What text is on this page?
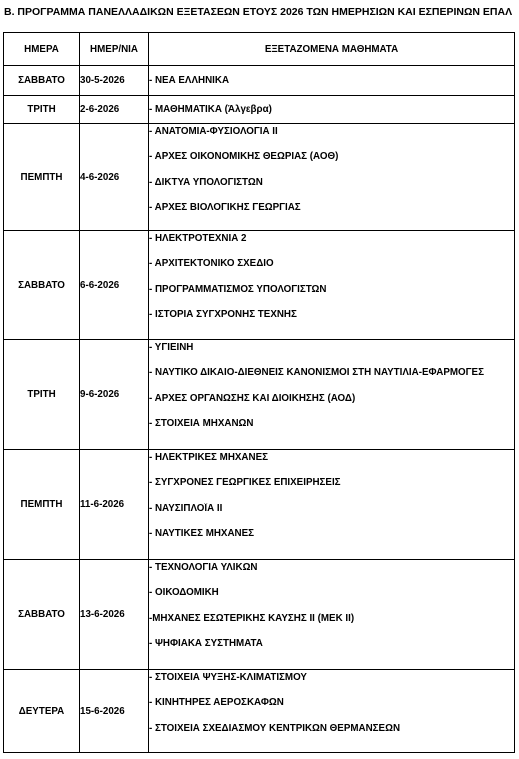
Β. ΠΡΟΓΡΑΜΜΑ ΠΑΝΕΛΛΑΔΙΚΩΝ ΕΞΕΤΑΣΕΩΝ ΕΤΟΥΣ 2026 ΤΩΝ ΗΜΕΡΗΣΙΩΝ ΚΑΙ ΕΣΠΕΡΙΝΩΝ ΕΠΑΛ
ΗΜΕΡΑ	ΗΜΕΡ/ΝΙΑ	ΕΞΕΤΑΖΟΜΕΝΑ ΜΑΘΗΜΑΤΑ
ΣΑΒΒΑΤΟ	30-5-2026	- ΝΕΑ ΕΛΛΗΝΙΚΑ

ΤΡΙΤΗ	2-6-2026	- ΜΑΘΗΜΑΤΙΚΑ (Άλγεβρα)

ΠΕΜΠΤΗ	4-6-2026	- ΑΝΑΤΟΜΙΑ-ΦΥΣΙΟΛΟΓΙΑ ΙΙ
- ΑΡΧΕΣ ΟΙΚΟΝΟΜΙΚΗΣ ΘΕΩΡΙΑΣ (ΑΟΘ)
- ΔΙΚΤΥΑ ΥΠΟΛΟΓΙΣΤΩΝ
- ΑΡΧΕΣ ΒΙΟΛΟΓΙΚΗΣ ΓΕΩΡΓΙΑΣ

ΣΑΒΒΑΤΟ	6-6-2026	- ΗΛΕΚΤΡΟΤΕΧΝΙΑ 2
- ΑΡΧΙΤΕΚΤΟΝΙΚΟ ΣΧΕΔΙΟ
- ΠΡΟΓΡΑΜΜΑΤΙΣΜΟΣ ΥΠΟΛΟΓΙΣΤΩΝ
- ΙΣΤΟΡΙΑ ΣΥΓΧΡΟΝΗΣ ΤΕΧΝΗΣ

ΤΡΙΤΗ	9-6-2026	- ΥΓΙΕΙΝΗ
- ΝΑΥΤΙΚΟ ΔΙΚΑΙΟ-ΔΙΕΘΝΕΙΣ ΚΑΝΟΝΙΣΜΟΙ ΣΤΗ ΝΑΥΤΙΛΙΑ-ΕΦΑΡΜΟΓΕΣ
- ΑΡΧΕΣ ΟΡΓΑΝΩΣΗΣ ΚΑΙ ΔΙΟΙΚΗΣΗΣ (ΑΟΔ)
- ΣΤΟΙΧΕΙΑ ΜΗΧΑΝΩΝ

ΠΕΜΠΤΗ	11-6-2026	- ΗΛΕΚΤΡΙΚΕΣ ΜΗΧΑΝΕΣ
- ΣΥΓΧΡΟΝΕΣ ΓΕΩΡΓΙΚΕΣ ΕΠΙΧΕΙΡΗΣΕΙΣ
- ΝΑΥΣΙΠΛΟΪΑ ΙΙ
- ΝΑΥΤΙΚΕΣ ΜΗΧΑΝΕΣ

ΣΑΒΒΑΤΟ	13-6-2026	- ΤΕΧΝΟΛΟΓΙΑ ΥΛΙΚΩΝ
- ΟΙΚΟΔΟΜΙΚΗ
-ΜΗΧΑΝΕΣ ΕΣΩΤΕΡΙΚΗΣ ΚΑΥΣΗΣ ΙΙ (ΜΕΚ ΙΙ)
- ΨΗΦΙΑΚΑ ΣΥΣΤΗΜΑΤΑ

ΔΕΥΤΕΡΑ	15-6-2026	- ΣΤΟΙΧΕΙΑ ΨΥΞΗΣ-ΚΛΙΜΑΤΙΣΜΟΥ
- ΚΙΝΗΤΗΡΕΣ ΑΕΡΟΣΚΑΦΩΝ
- ΣΤΟΙΧΕΙΑ ΣΧΕΔΙΑΣΜΟΥ ΚΕΝΤΡΙΚΩΝ ΘΕΡΜΑΝΣΕΩΝ
